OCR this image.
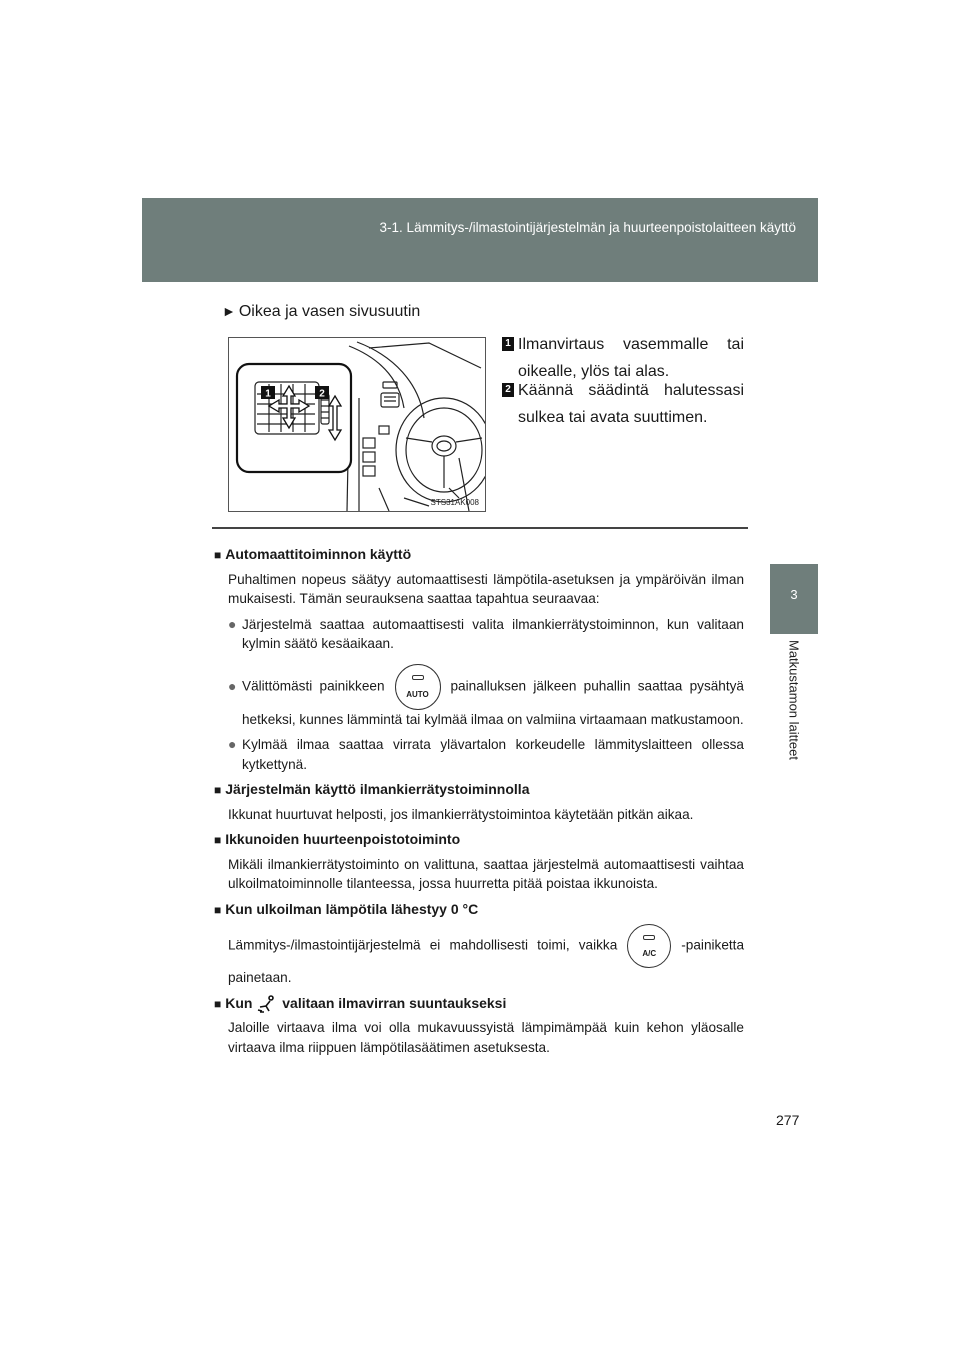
3-1. Lämmitys-/ilmastointijärjestelmän ja huurteenpoistolaitteen käyttö
3
Matkustamon laitteet
► Oikea ja vasen sivusuutin
1	2
STS31AK008
1 Ilmanvirtaus vasemmalle tai oikealle, ylös tai alas.
2 Käännä säädintä halutessasi sulkea tai avata suuttimen.

■ Automaattitoiminnon käyttö

Puhaltimen nopeus säätyy automaattisesti lämpötila-asetuksen ja ympäröivän ilman mukaisesti. Tämän seurauksena saattaa tapahtua seuraavaa:

● Järjestelmä saattaa automaattisesti valita ilmankierrätystoiminnon, kun valitaan kylmin säätö kesäaikaan.
● Välittömästi painikkeen
AUTO
painalluksen jälkeen puhallin saattaa pysähtyä hetkeksi, kunnes lämmintä tai kylmää ilmaa on valmiina virtaamaan matkustamoon.
● Kylmää ilmaa saattaa virrata ylävartalon korkeudelle lämmityslaitteen ollessa kytkettynä.

■ Järjestelmän käyttö ilmankierrätystoiminnolla

Ikkunat huurtuvat helposti, jos ilmankierrätystoimintoa käytetään pitkän aikaa.

■ Ikkunoiden huurteenpoistotoiminto

Mikäli ilmankierrätystoiminto on valittuna, saattaa järjestelmä automaattisesti vaihtaa ulkoilmatoiminnolle tilanteessa, jossa huurretta pitää poistaa ikkunoista.

■ Kun ulkoilman lämpötila lähestyy 0 °C

Lämmitys-/ilmastointijärjestelmä ei mahdollisesti toimi, vaikka
A/C
-painiketta painetaan.

■ Kun valitaan ilmavirran suuntaukseksi

Jaloille virtaava ilma voi olla mukavuussyistä lämpimämpää kuin kehon yläosalle virtaava ilma riippuen lämpötilasäätimen asetuksesta.

277
